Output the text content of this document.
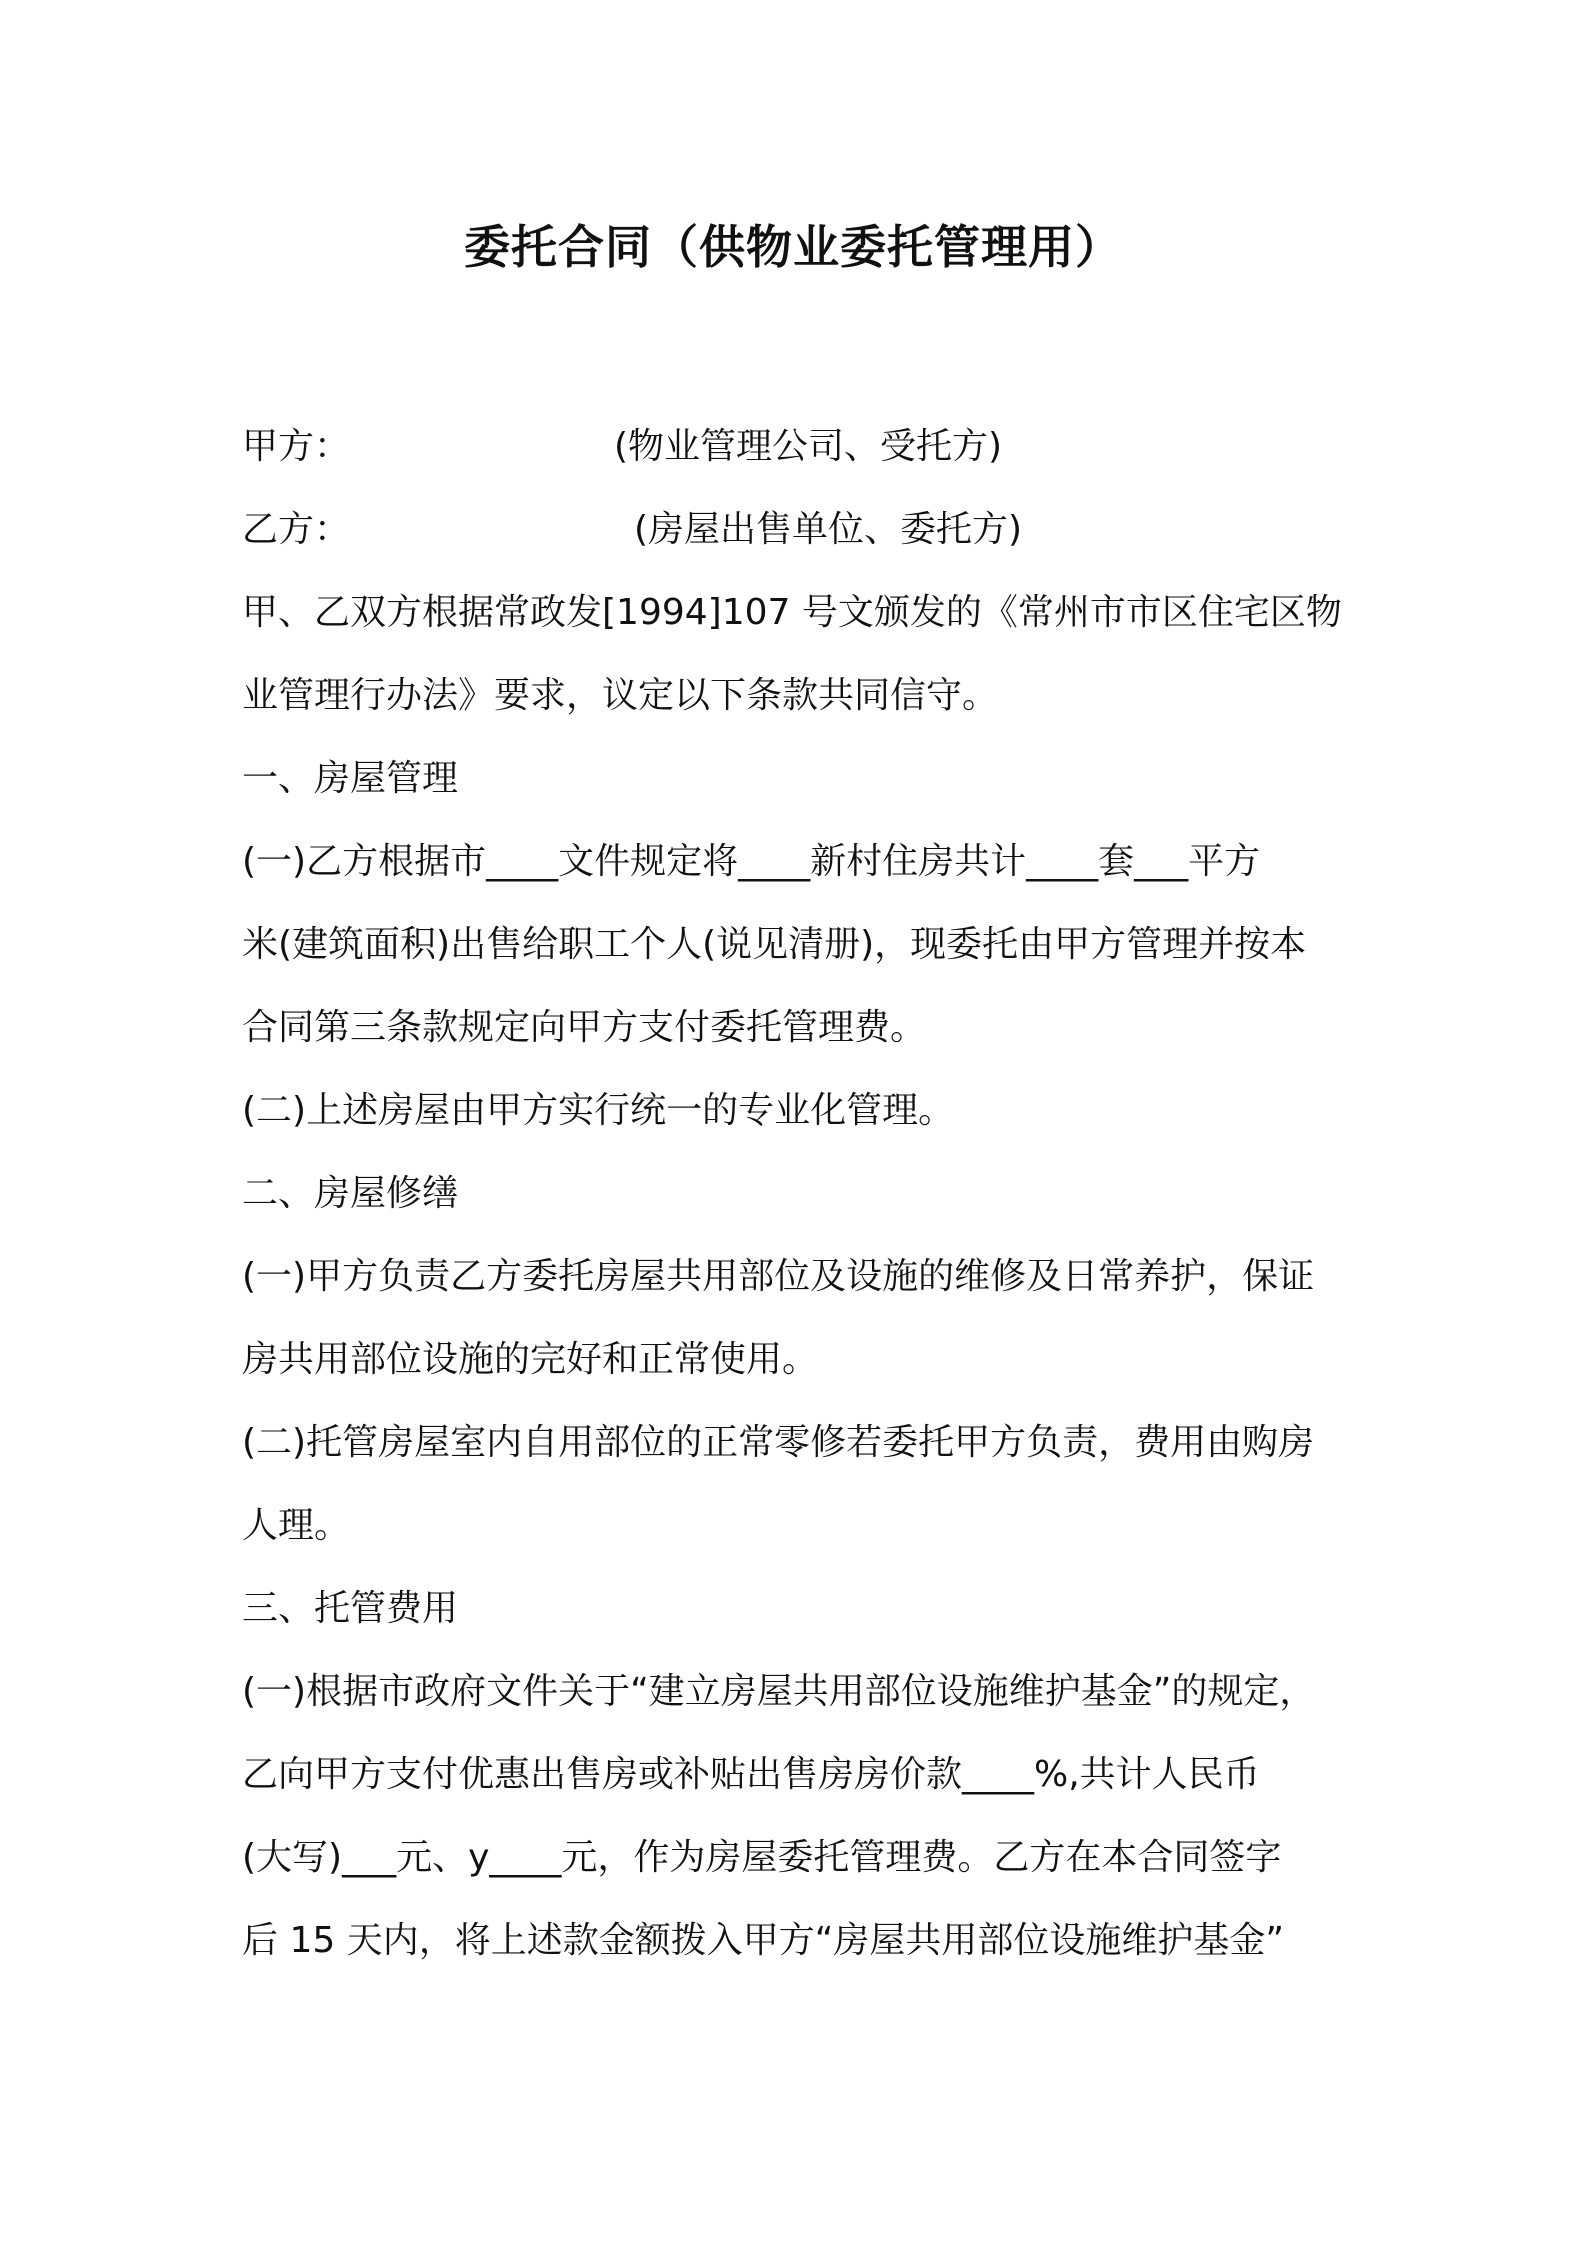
委托合同（供物业委托管理用）
甲方：	(物业管理公司、受托方)
乙方：	(房屋出售单位、委托方)
甲、乙双方根据常政发[1994]107 号文颁发的《常州市市区住宅区物
业管理行办法》要求，议定以下条款共同信守。
一、房屋管理
(一)乙方根据市____文件规定将____新村住房共计____套___平方
米(建筑面积)出售给职工个人(说见清册)，现委托由甲方管理并按本
合同第三条款规定向甲方支付委托管理费。
(二)上述房屋由甲方实行统一的专业化管理。
二、房屋修缮
(一)甲方负责乙方委托房屋共用部位及设施的维修及日常养护，保证
房共用部位设施的完好和正常使用。
(二)托管房屋室内自用部位的正常零修若委托甲方负责，费用由购房
人理。
三、托管费用
(一)根据市政府文件关于“建立房屋共用部位设施维护基金”的规定，
乙向甲方支付优惠出售房或补贴出售房房价款____%,共计人民币
(大写)___元、y____元，作为房屋委托管理费。乙方在本合同签字
后 15 天内，将上述款金额拨入甲方“房屋共用部位设施维护基金”
